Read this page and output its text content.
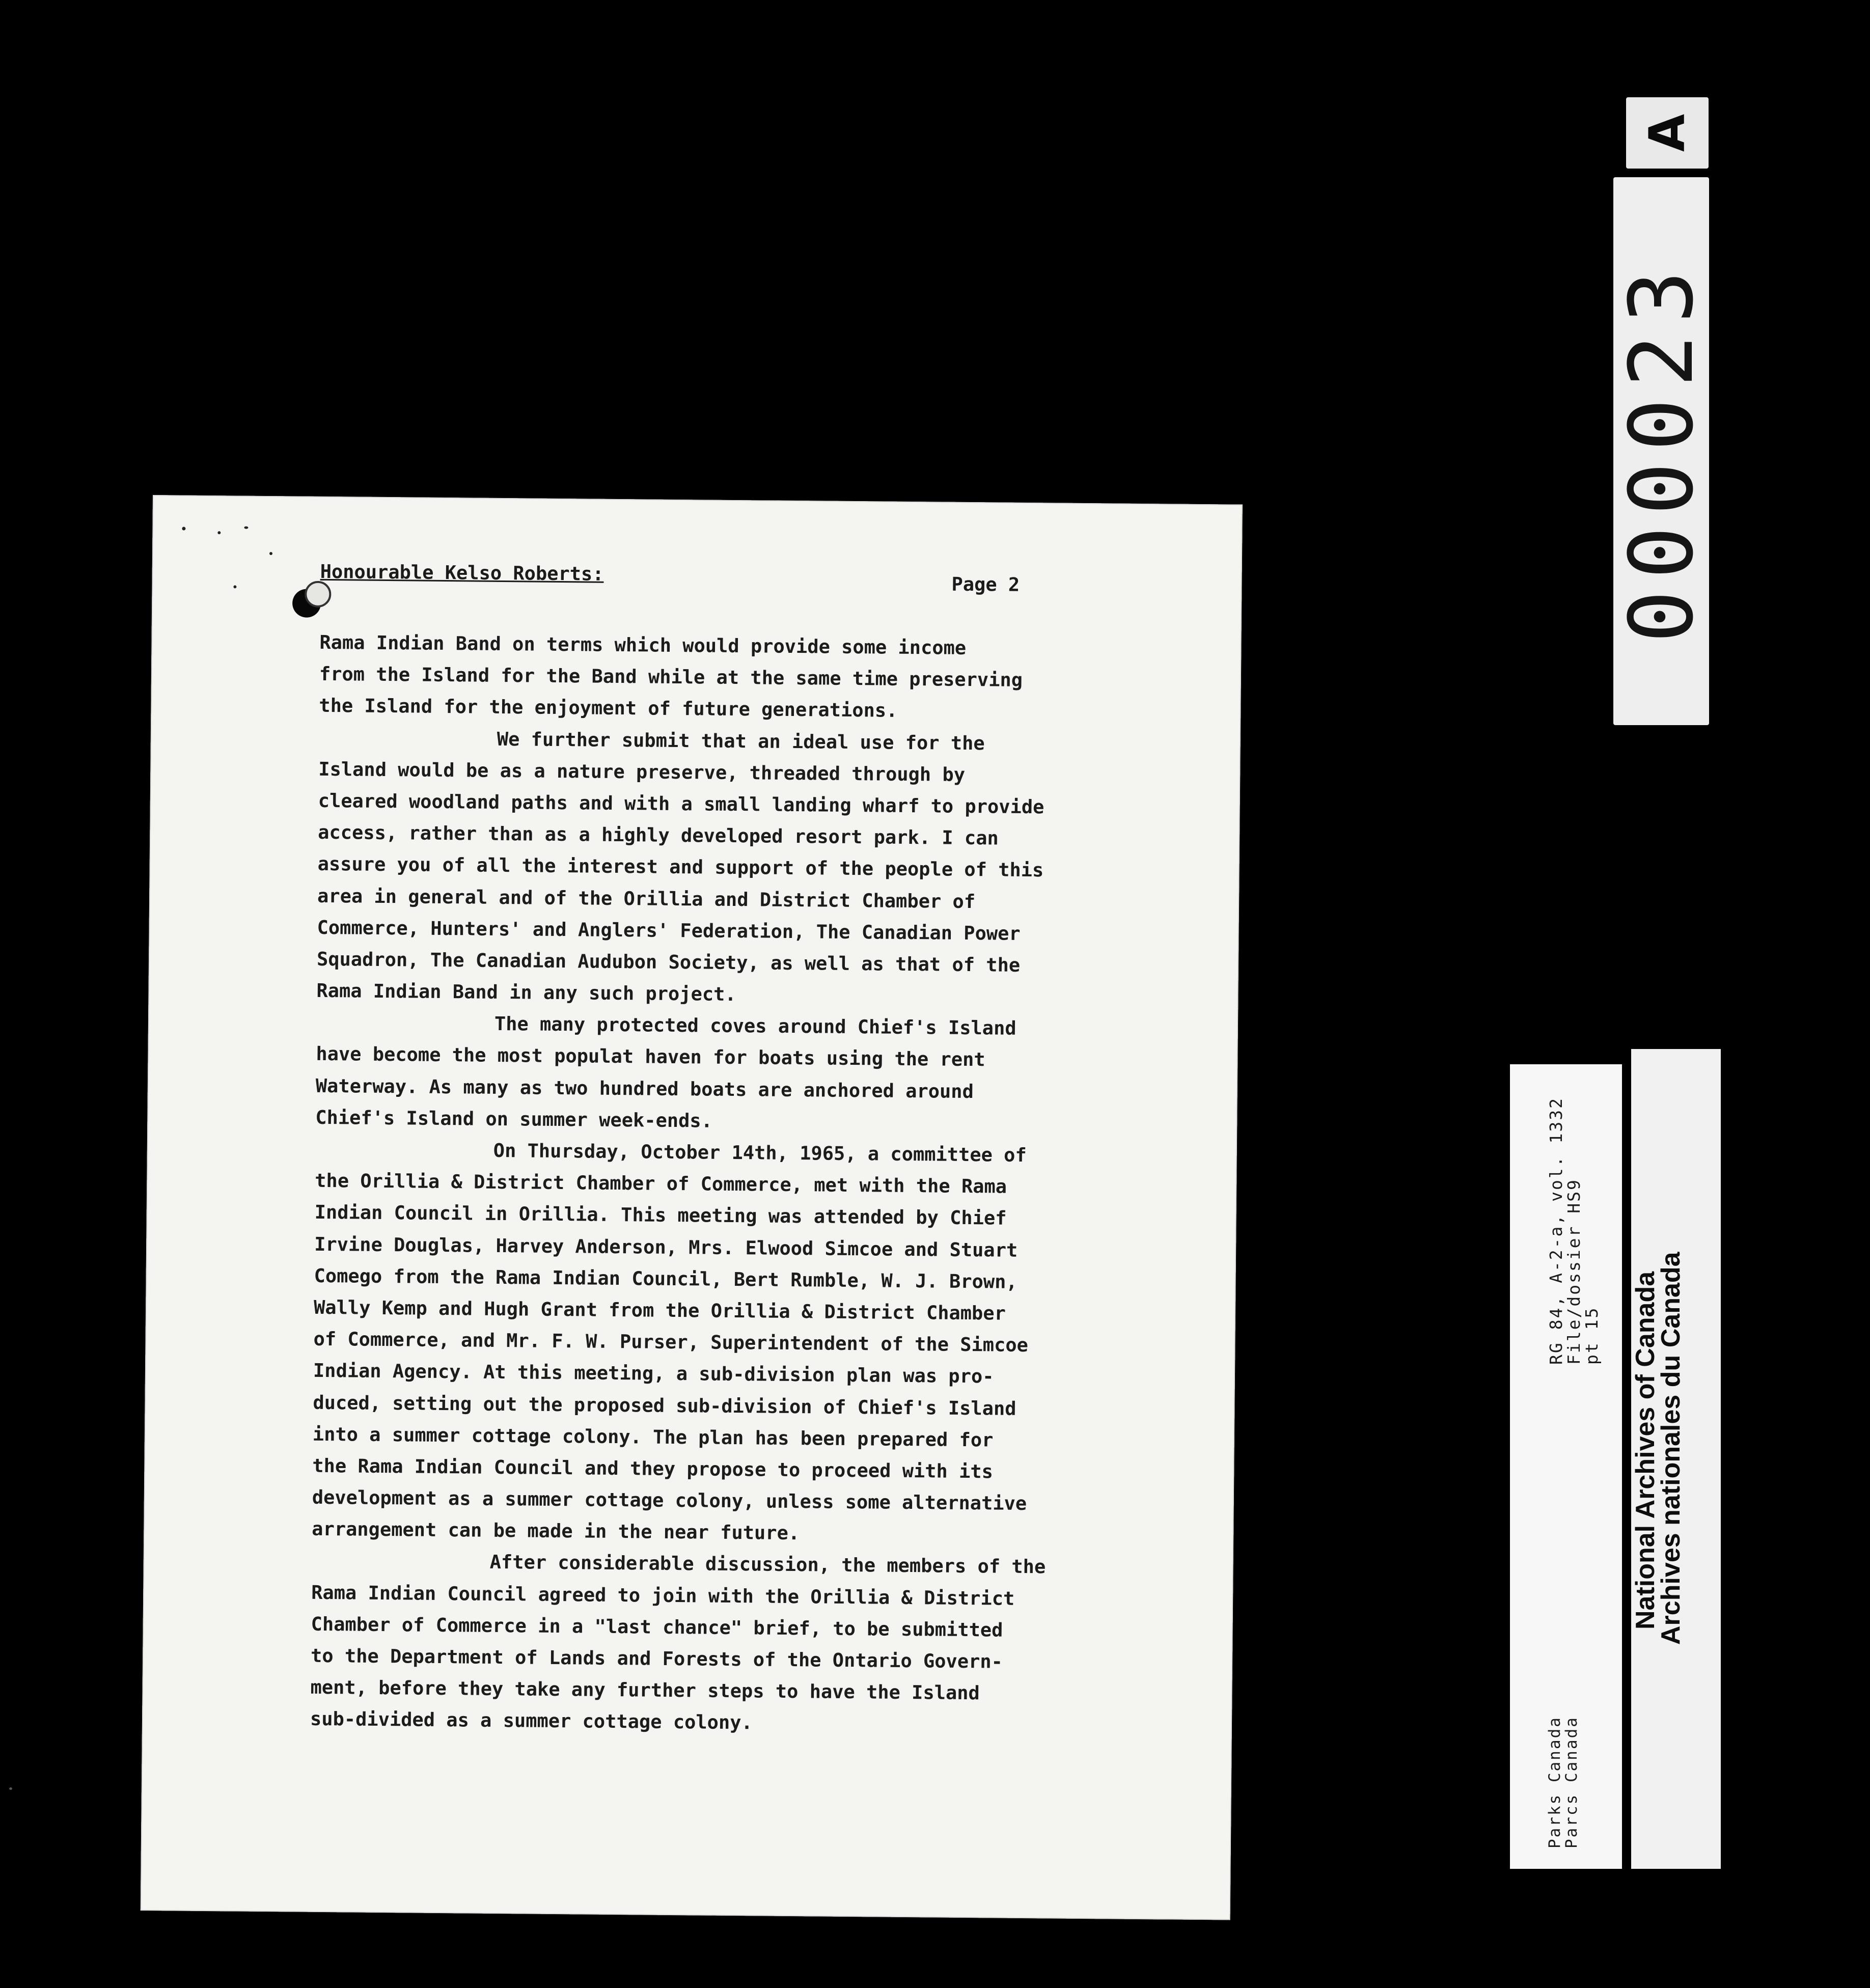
Honourable Kelso Roberts:	Page 2
Rama Indian Band on terms which would provide some income
from the Island for the Band while at the same time preserving
the Island for the enjoyment of future generations.
We further submit that an ideal use for the
Island would be as a nature preserve, threaded through by
cleared woodland paths and with a small landing wharf to provide
access, rather than as a highly developed resort park. I can
assure you of all the interest and support of the people of this
area in general and of the Orillia and District Chamber of
Commerce, Hunters' and Anglers' Federation, The Canadian Power
Squadron, The Canadian Audubon Society, as well as that of the
Rama Indian Band in any such project.
The many protected coves around Chief's Island
have become the most populat haven for boats using the rent
Waterway. As many as two hundred boats are anchored around
Chief's Island on summer week-ends.
On Thursday, October 14th, 1965, a committee of
the Orillia & District Chamber of Commerce, met with the Rama
Indian Council in Orillia. This meeting was attended by Chief
Irvine Douglas, Harvey Anderson, Mrs. Elwood Simcoe and Stuart
Comego from the Rama Indian Council, Bert Rumble, W. J. Brown,
Wally Kemp and Hugh Grant from the Orillia & District Chamber
of Commerce, and Mr. F. W. Purser, Superintendent of the Simcoe
Indian Agency. At this meeting, a sub-division plan was pro-
duced, setting out the proposed sub-division of Chief's Island
into a summer cottage colony. The plan has been prepared for
the Rama Indian Council and they propose to proceed with its
development as a summer cottage colony, unless some alternative
arrangement can be made in the near future.
After considerable discussion, the members of the
Rama Indian Council agreed to join with the Orillia & District
Chamber of Commerce in a "last chance" brief, to be submitted
to the Department of Lands and Forests of the Ontario Govern-
ment, before they take any further steps to have the Island
sub-divided as a summer cottage colony.
A
000023
RG 84, A-2-a, vol. 1332
File/dossier HS9
pt 15
Parks Canada
Parcs Canada
National Archives of Canada
Archives nationales du Canada
